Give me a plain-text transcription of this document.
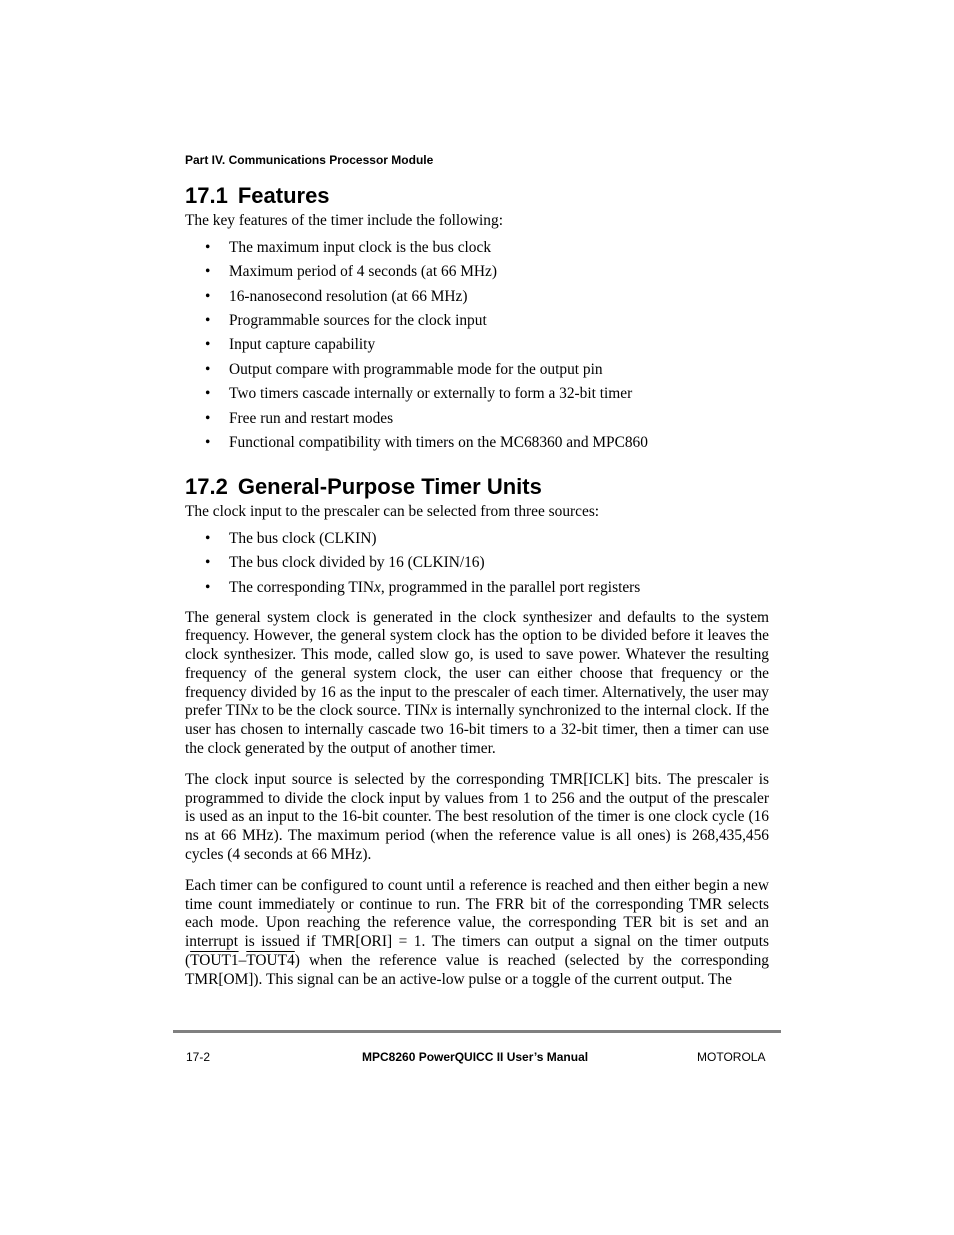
Part IV. Communications Processor Module
17.1 Features

The key features of the timer include the following:

• The maximum input clock is the bus clock
• Maximum period of 4 seconds (at 66 MHz)
• 16-nanosecond resolution (at 66 MHz)
• Programmable sources for the clock input
• Input capture capability
• Output compare with programmable mode for the output pin
• Two timers cascade internally or externally to form a 32-bit timer
• Free run and restart modes
• Functional compatibility with timers on the MC68360 and MPC860
17.2 General-Purpose Timer Units

The clock input to the prescaler can be selected from three sources:

• The bus clock (CLKIN)
• The bus clock divided by 16 (CLKIN/16)
• The corresponding TINx, programmed in the parallel port registers

The general system clock is generated in the clock synthesizer and defaults to the system frequency. However, the general system clock has the option to be divided before it leaves the clock synthesizer. This mode, called slow go, is used to save power. Whatever the resulting frequency of the general system clock, the user can either choose that frequency or the frequency divided by 16 as the input to the prescaler of each timer. Alternatively, the user may prefer TINx to be the clock source. TINx is internally synchronized to the internal clock. If the user has chosen to internally cascade two 16-bit timers to a 32-bit timer, then a timer can use the clock generated by the output of another timer.

The clock input source is selected by the corresponding TMR[ICLK] bits. The prescaler is programmed to divide the clock input by values from 1 to 256 and the output of the prescaler is used as an input to the 16-bit counter. The best resolution of the timer is one clock cycle (16 ns at 66 MHz). The maximum period (when the reference value is all ones) is 268,435,456 cycles (4 seconds at 66 MHz).

Each timer can be configured to count until a reference is reached and then either begin a new time count immediately or continue to run. The FRR bit of the corresponding TMR selects each mode. Upon reaching the reference value, the corresponding TER bit is set and an interrupt is issued if TMR[ORI] = 1. The timers can output a signal on the timer outputs (TOUT1–TOUT4) when the reference value is reached (selected by the corresponding TMR[OM]). This signal can be an active-low pulse or a toggle of the current output. The

17-2	MPC8260 PowerQUICC II User’s Manual	MOTOROLA
